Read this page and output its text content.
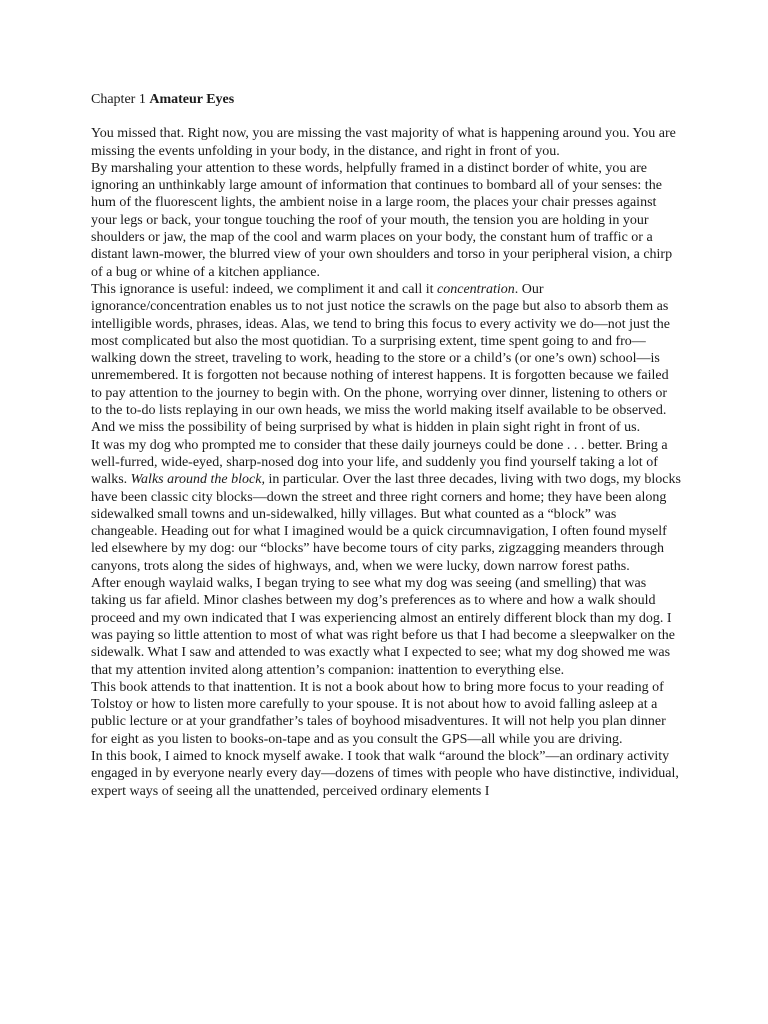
Chapter 1 Amateur Eyes

You missed that. Right now, you are missing the vast majority of what is happening around you. You are missing the events unfolding in your body, in the distance, and right in front of you.

By marshaling your attention to these words, helpfully framed in a distinct border of white, you are ignoring an unthinkably large amount of information that continues to bombard all of your senses: the hum of the fluorescent lights, the ambient noise in a large room, the places your chair presses against your legs or back, your tongue touching the roof of your mouth, the tension you are holding in your shoulders or jaw, the map of the cool and warm places on your body, the constant hum of traffic or a distant lawn-mower, the blurred view of your own shoulders and torso in your peripheral vision, a chirp of a bug or whine of a kitchen appliance.

This ignorance is useful: indeed, we compliment it and call it concentration. Our ignorance/concentration enables us to not just notice the scrawls on the page but also to absorb them as intelligible words, phrases, ideas. Alas, we tend to bring this focus to every activity we do—not just the most complicated but also the most quotidian. To a surprising extent, time spent going to and fro—walking down the street, traveling to work, heading to the store or a child’s (or one’s own) school—is unremembered. It is forgotten not because nothing of interest happens. It is forgotten because we failed to pay attention to the journey to begin with. On the phone, worrying over dinner, listening to others or to the to-do lists replaying in our own heads, we miss the world making itself available to be observed. And we miss the possibility of being surprised by what is hidden in plain sight right in front of us.

It was my dog who prompted me to consider that these daily journeys could be done . . . better. Bring a well-furred, wide-eyed, sharp-nosed dog into your life, and suddenly you find yourself taking a lot of walks. Walks around the block, in particular. Over the last three decades, living with two dogs, my blocks have been classic city blocks—down the street and three right corners and home; they have been along sidewalked small towns and un-sidewalked, hilly villages. But what counted as a “block” was changeable. Heading out for what I imagined would be a quick circumnavigation, I often found myself led elsewhere by my dog: our “blocks” have become tours of city parks, zigzagging meanders through canyons, trots along the sides of highways, and, when we were lucky, down narrow forest paths.

After enough waylaid walks, I began trying to see what my dog was seeing (and smelling) that was taking us far afield. Minor clashes between my dog’s preferences as to where and how a walk should proceed and my own indicated that I was experiencing almost an entirely different block than my dog. I was paying so little attention to most of what was right before us that I had become a sleepwalker on the sidewalk. What I saw and attended to was exactly what I expected to see; what my dog showed me was that my attention invited along attention’s companion: inattention to everything else.

This book attends to that inattention. It is not a book about how to bring more focus to your reading of Tolstoy or how to listen more carefully to your spouse. It is not about how to avoid falling asleep at a public lecture or at your grandfather’s tales of boyhood misadventures. It will not help you plan dinner for eight as you listen to books-on-tape and as you consult the GPS—all while you are driving.

In this book, I aimed to knock myself awake. I took that walk “around the block”—an ordinary activity engaged in by everyone nearly every day—dozens of times with people who have distinctive, individual, expert ways of seeing all the unattended, perceived ordinary elements I
